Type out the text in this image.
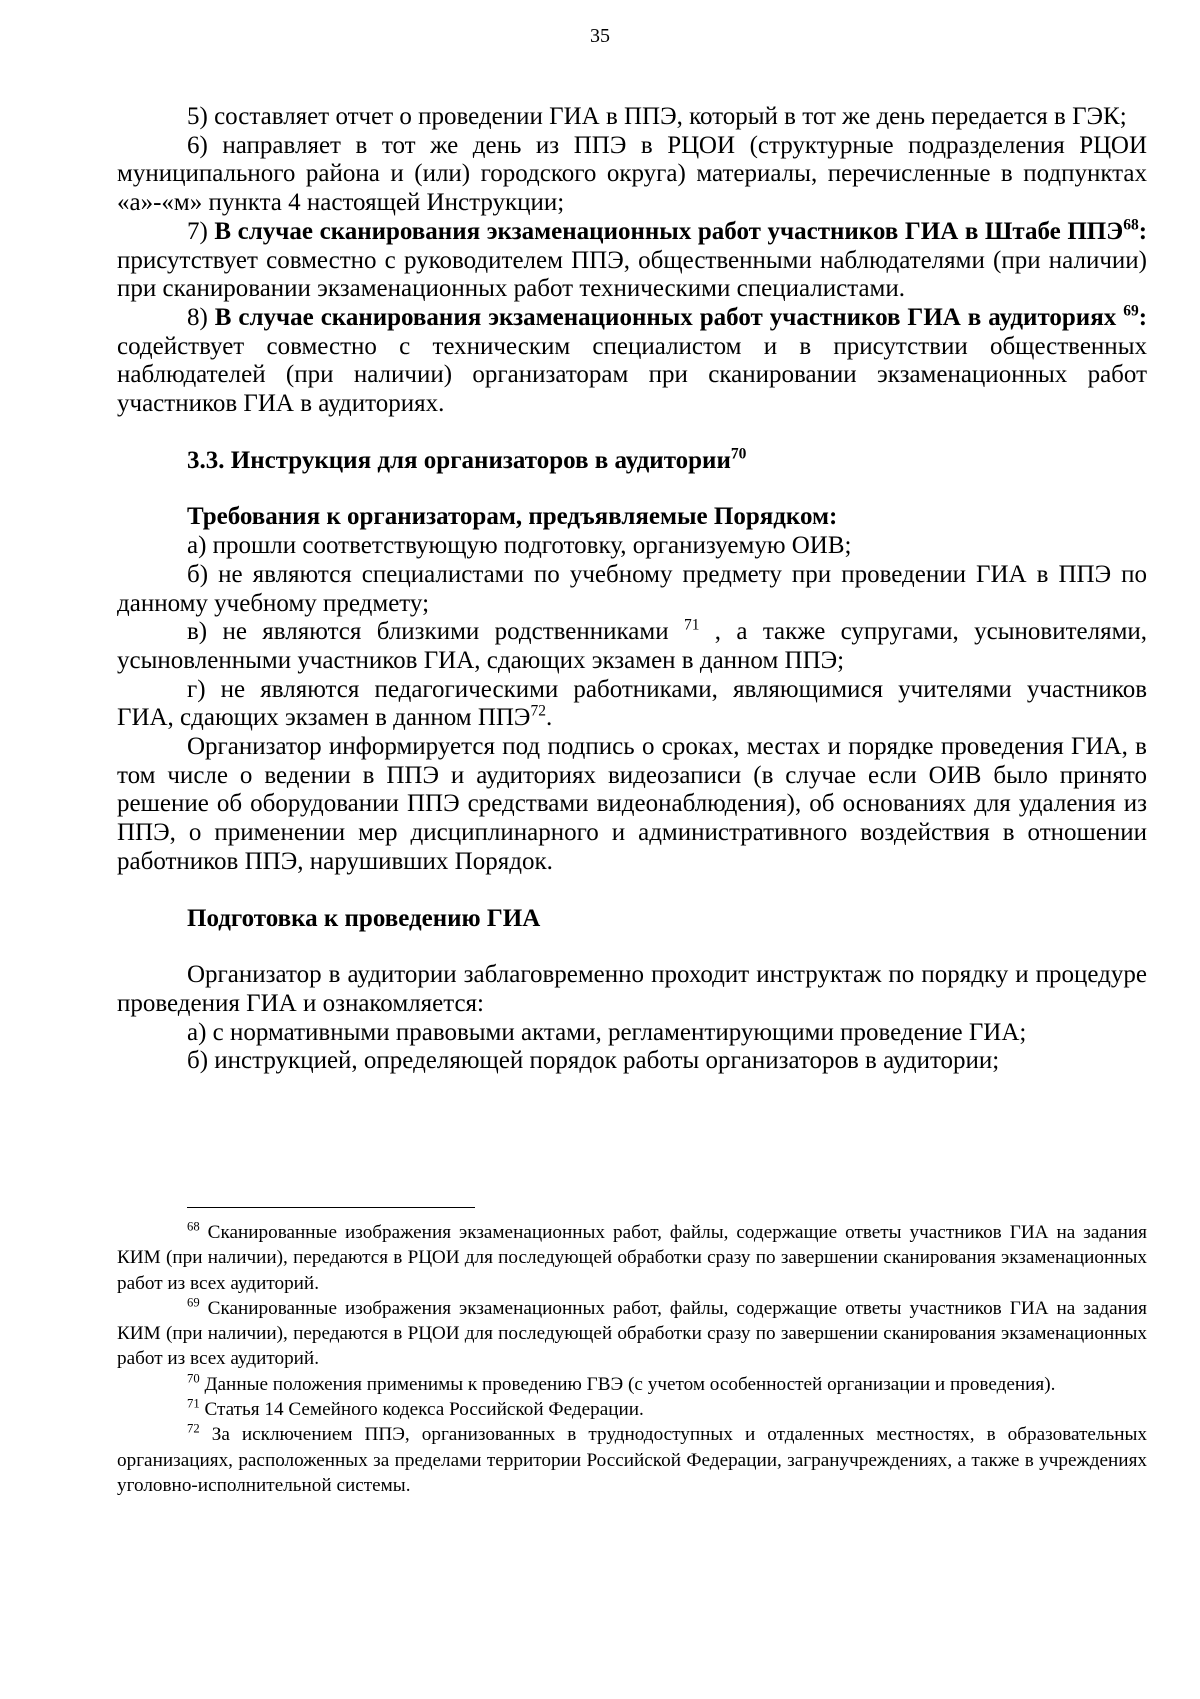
35

5) составляет отчет о проведении ГИА в ППЭ, который в тот же день передается в ГЭК;

6) направляет в тот же день из ППЭ в РЦОИ (структурные подразделения РЦОИ муниципального района и (или) городского округа) материалы, перечисленные в подпунктах «а»-«м» пункта 4 настоящей Инструкции;

7) В случае сканирования экзаменационных работ участников ГИА в Штабе ППЭ$^{68}$: присутствует совместно с руководителем ППЭ, общественными наблюдателями (при наличии) при сканировании экзаменационных работ техническими специалистами.

8) В случае сканирования экзаменационных работ участников ГИА в аудиториях $^{69}$: содействует совместно с техническим специалистом и в присутствии общественных наблюдателей (при наличии) организаторам при сканировании экзаменационных работ участников ГИА в аудиториях.

3.3. Инструкция для организаторов в аудитории$^{70}$

Требования к организаторам, предъявляемые Порядком:

а) прошли соответствующую подготовку, организуемую ОИВ;

б) не являются специалистами по учебному предмету при проведении ГИА в ППЭ по данному учебному предмету;

в) не являются близкими родственниками $^{71}$ , а также супругами, усыновителями, усыновленными участников ГИА, сдающих экзамен в данном ППЭ;

г) не являются педагогическими работниками, являющимися учителями участников ГИА, сдающих экзамен в данном ППЭ$^{72}$.

Организатор информируется под подпись о сроках, местах и порядке проведения ГИА, в том числе о ведении в ППЭ и аудиториях видеозаписи (в случае если ОИВ было принято решение об оборудовании ППЭ средствами видеонаблюдения), об основаниях для удаления из ППЭ, о применении мер дисциплинарного и административного воздействия в отношении работников ППЭ, нарушивших Порядок.

Подготовка к проведению ГИА

Организатор в аудитории заблаговременно проходит инструктаж по порядку и процедуре проведения ГИА и ознакомляется:

а) с нормативными правовыми актами, регламентирующими проведение ГИА;

б) инструкцией, определяющей порядок работы организаторов в аудитории;

$^{68}$ Сканированные изображения экзаменационных работ, файлы, содержащие ответы участников ГИА на задания КИМ (при наличии), передаются в РЦОИ для последующей обработки сразу по завершении сканирования экзаменационных работ из всех аудиторий.

$^{69}$ Сканированные изображения экзаменационных работ, файлы, содержащие ответы участников ГИА на задания КИМ (при наличии), передаются в РЦОИ для последующей обработки сразу по завершении сканирования экзаменационных работ из всех аудиторий.

$^{70}$ Данные положения применимы к проведению ГВЭ (с учетом особенностей организации и проведения).

$^{71}$ Статья 14 Семейного кодекса Российской Федерации.

$^{72}$ За исключением ППЭ, организованных в труднодоступных и отдаленных местностях, в образовательных организациях, расположенных за пределами территории Российской Федерации, загранучреждениях, а также в учреждениях уголовно-исполнительной системы.
